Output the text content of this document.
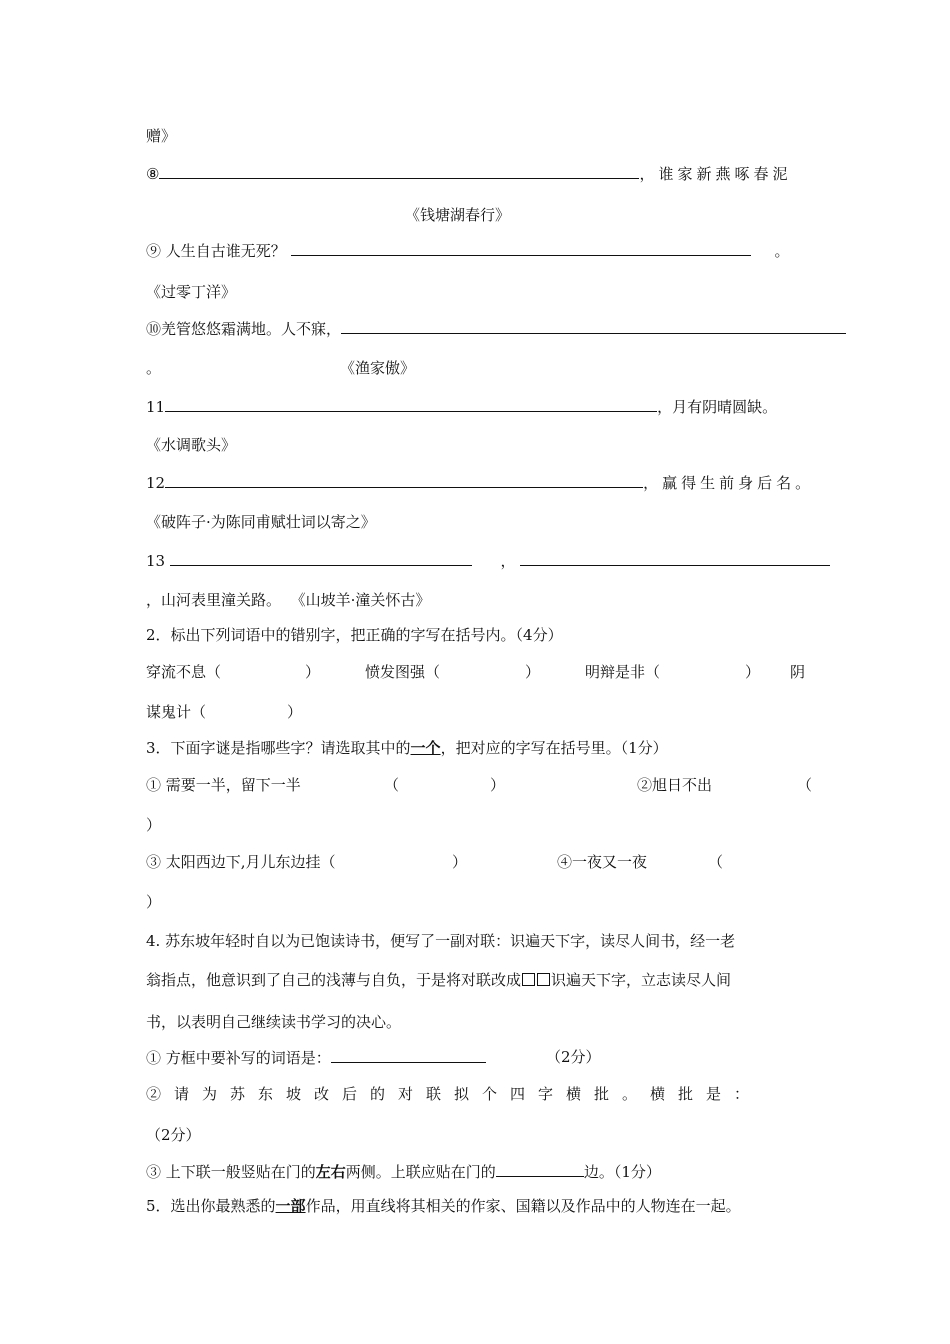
赠》
⑧	，谁家新燕啄春泥
《钱塘湖春行》
⑨ 人生自古谁无死？	。
《过零丁洋》
⑩羌管悠悠霜满地。人不寐，
。	《渔家傲》
11	，月有阴晴圆缺。
《水调歌头》
12	，赢得生前身后名。
《破阵子·为陈同甫赋壮词以寄之》
13	，
，山河表里潼关路。 《山坡羊·潼关怀古》
2．标出下列词语中的错别字，把正确的字写在括号内。（4分）
穿流不息（	）	愤发图强（	）	明辩是非（	） 阴
谋鬼计（	）
3．下面字谜是指哪些字？请选取其中的一个，把对应的字写在括号里。（1分）
① 需要一半，留下一半	（	）	②旭日不出	（
）
③ 太阳西边下,月儿东边挂（	）	④一夜又一夜	（
）
4. 苏东坡年轻时自以为已饱读诗书，便写了一副对联：识遍天下字，读尽人间书，经一老
翁指点，他意识到了自己的浅薄与自负，于是将对联改成 识遍天下字，立志读尽人间
书，以表明自己继续读书学习的决心。
① 方框中要补写的词语是：	（2分）
②请为苏东坡改后的对联拟个四字横批。横批是：
（2分）
③ 上下联一般竖贴在门的左右两侧。上联应贴在门的	边。（1分）
5．选出你最熟悉的一部作品，用直线将其相关的作家、国籍以及作品中的人物连在一起。
